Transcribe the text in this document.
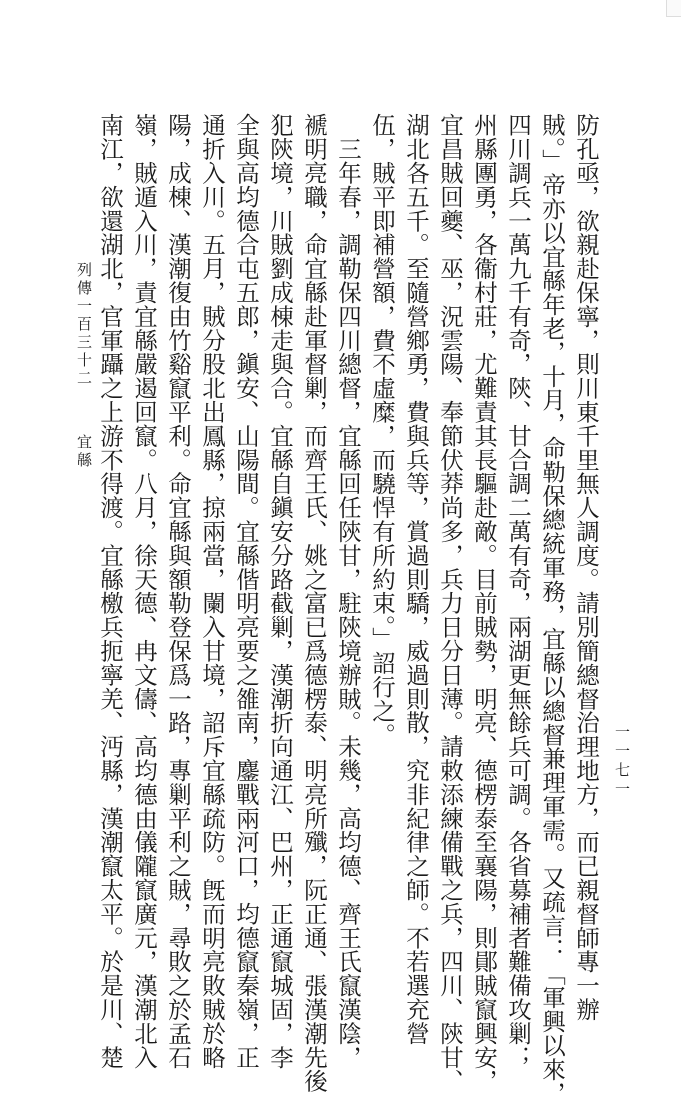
一一七一
防孔亟，欲親赴保寧，則川東千里無人調度。請別簡總督治理地方，而已親督師專一辦
賊。」帝亦以宜緜年老，十月，命勒保總統軍務，宜緜以總督兼理軍需。又疏言：「軍興以來，
四川調兵一萬九千有奇，陝、甘合調二萬有奇，兩湖更無餘兵可調。各省募補者難備攻剿；
州縣團勇，各衞村莊，尤難責其長驅赴敵。目前賊勢，明亮、德楞泰至襄陽，則鄖賊竄興安，
宜昌賊回夔、巫，況雲陽、奉節伏莽尚多，兵力日分日薄。請敕添練備戰之兵，四川、陝甘、
湖北各五千。至隨營鄉勇，費與兵等，賞過則驕，威過則散，究非紀律之師。不若選充營
伍，賊平即補營額，費不虛糜，而驍悍有所約束。」詔行之。
　三年春，調勒保四川總督，宜緜回任陝甘，駐陝境辦賊。未幾，高均德、齊王氏竄漢陰，
褫明亮職，命宜緜赴軍督剿，而齊王氏、姚之富已爲德楞泰、明亮所殲，阮正通、張漢潮先後
犯陝境，川賊劉成棟走與合。宜緜自鎭安分路截剿，漢潮折向通江、巴州，正通竄城固，李
全與高均德合屯五郎，鎭安、山陽間。宜緜偕明亮要之雒南，鏖戰兩河口，均德竄秦嶺，正
通折入川。五月，賊分股北出鳳縣，掠兩當，闌入甘境，詔斥宜緜疏防。旣而明亮敗賊於略
陽，成棟、漢潮復由竹谿竄平利。命宜緜與額勒登保爲一路，專剿平利之賊，尋敗之於孟石
嶺，賊遁入川，責宜緜嚴遏回竄。八月，徐天德、冉文儔、高均德由儀隴竄廣元，漢潮北入
南江，欲還湖北，官軍躡之上游不得渡。宜緜檄兵扼寧羌、沔縣，漢潮竄太平。於是川、楚
列傳一百三十二宜緜
